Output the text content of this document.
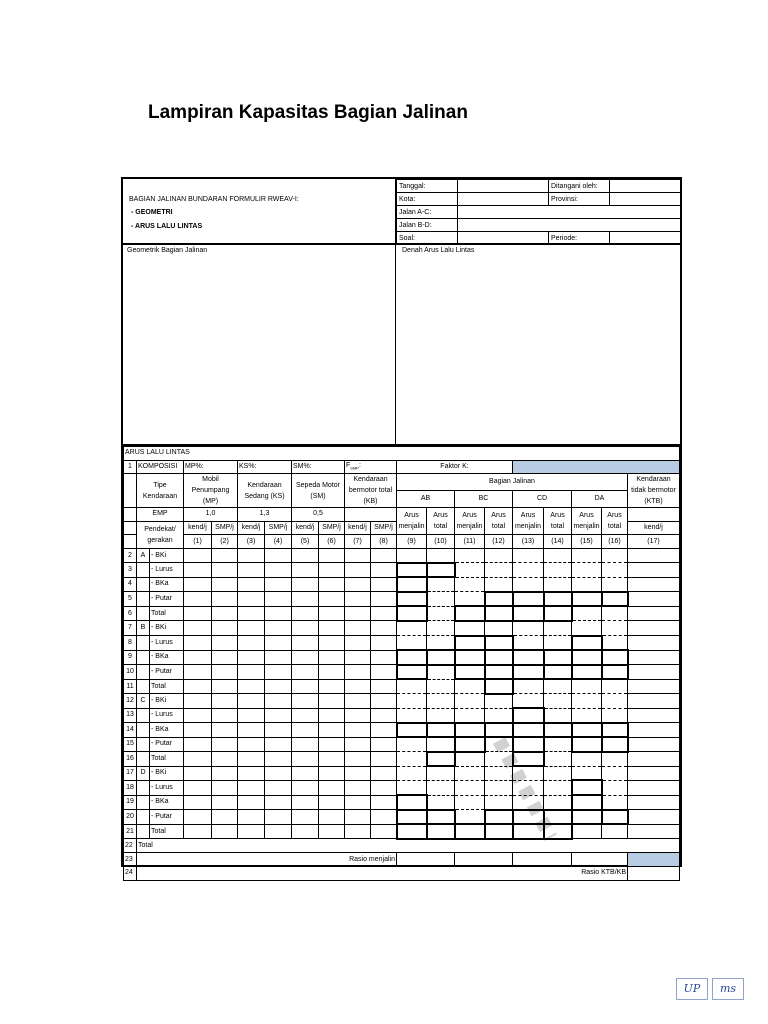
Lampiran Kapasitas Bagian Jalinan
BAGIAN JALINAN BUNDARAN FORMULIR RWEAV-I:
- GEOMETRI
- ARUS LALU LINTAS
Tanggal:		Ditangani oleh:	
Kota:		Provinsi:	
Jalan A-C:			
Jalan B-D:			
Soal:		Periode:	
Geometrik Bagian Jalinan	Denah Arus Lalu Lintas
ARUS LALU LINTAS																			
1	KOMPOSISI		MP%:		KS%:		SM%:		$F_{SMP}$:		Faktor K:								
	Tipe Kendaraan		Mobil Penumpang (MP)		Kendaraan Sedang (KS)		Sepeda Motor (SM)		Kendaraan bermotor total (KB)		Bagian Jalinan								Kendaraan tidak bermotor (KTB)
											AB		BC		CD		DA		
	EMP		1,0		1,3		0,5				Arus menjalin	Arus total	Arus menjalin	Arus total	Arus menjalin	Arus total	Arus menjalin	Arus total	
	Pendekat/ gerakan		kend/j	SMP/j	kend/j	SMP/j	kend/j	SMP/j	kend/j	SMP/j									kend/j
			(1)	(2)	(3)	(4)	(5)	(6)	(7)	(8)	(9)	(10)	(11)	(12)	(13)	(14)	(15)	(16)	(17)
2	A	- BKi																	
3		- Lurus																	
4		- BKa																	
5		- Putar																	
6		Total																	
7	B	- BKi																	
8		- Lurus																	
9		- BKa																	
10		- Putar																	
11		Total																	
12	C	- BKi																	
13		- Lurus																	
14		- BKa																	
15		- Putar																	
16		Total																	
17	D	- BKi																	
18		- Lurus																	
19		- BKa																	
20		- Putar																	
21		Total																	
22	Total																		
23	Rasio menjalin																		
24	Rasio KTB/KB																		
UP	ms
